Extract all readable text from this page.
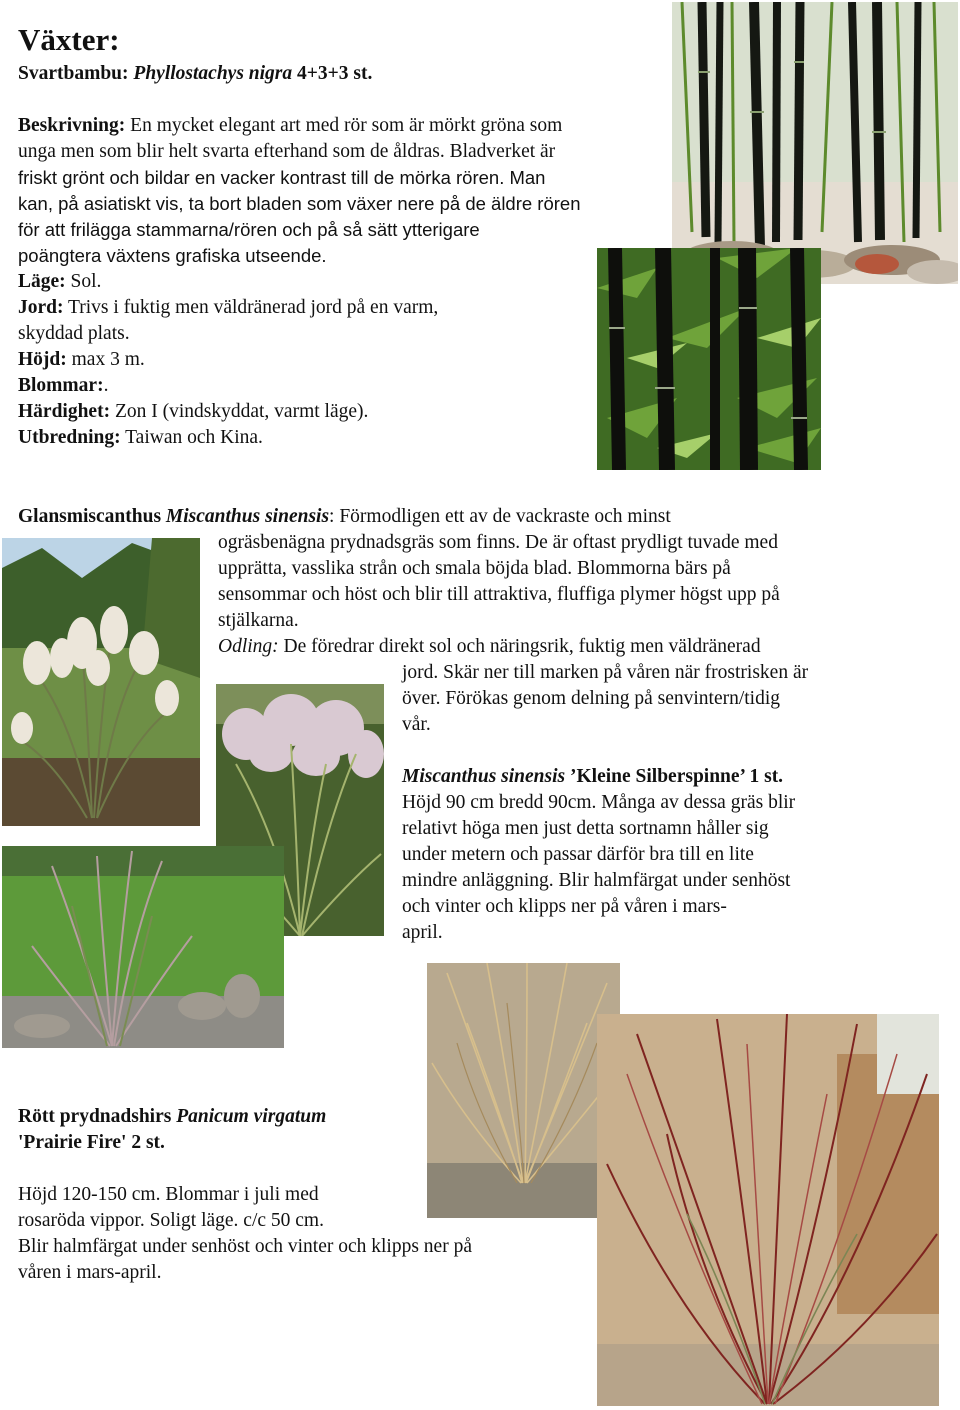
Växter:
Svartbambu: Phyllostachys nigra 4+3+3 st.
Beskrivning: En mycket elegant art med rör som är mörkt gröna som
unga men som blir helt svarta efterhand som de åldras. Bladverket är
friskt grönt och bildar en vacker kontrast till de mörka rören. Man
kan, på asiatiskt vis, ta bort bladen som växer nere på de äldre rören
för att frilägga stammarna/rören och på så sätt ytterigare
poängtera växtens grafiska utseende.
Läge: Sol.
Jord: Trivs i fuktig men väldränerad jord på en varm,
skyddad plats.
Höjd: max 3 m.
Blommar:.
Härdighet: Zon I (vindskyddat, varmt läge).
Utbredning: Taiwan och Kina.
Glansmiscanthus Miscanthus sinensis: Förmodligen ett av de vackraste och minst
ogräsbenägna prydnadsgräs som finns. De är oftast prydligt tuvade med
upprätta, vasslika strån och smala böjda blad. Blommorna bärs på
sensommar och höst och blir till attraktiva, fluffiga plymer högst upp på
stjälkarna.
Odling: De föredrar direkt sol och näringsrik, fuktig men väldränerad
jord. Skär ner till marken på våren när frostrisken är
över. Förökas genom delning på senvintern/tidig
vår.
Miscanthus sinensis ’Kleine Silberspinne’ 1 st.
Höjd 90 cm bredd 90cm. Många av dessa gräs blir
relativt höga men just detta sortnamn håller sig
under metern och passar därför bra till en lite
mindre anläggning. Blir halmfärgat under senhöst
och vinter och klipps ner på våren i mars-
april.
Rött prydnadshirs Panicum virgatum
'Prairie Fire' 2 st.
Höjd 120-150 cm. Blommar i juli med
rosaröda vippor. Soligt läge. c/c 50 cm.
Blir halmfärgat under senhöst och vinter och klipps ner på
våren i mars-april.
